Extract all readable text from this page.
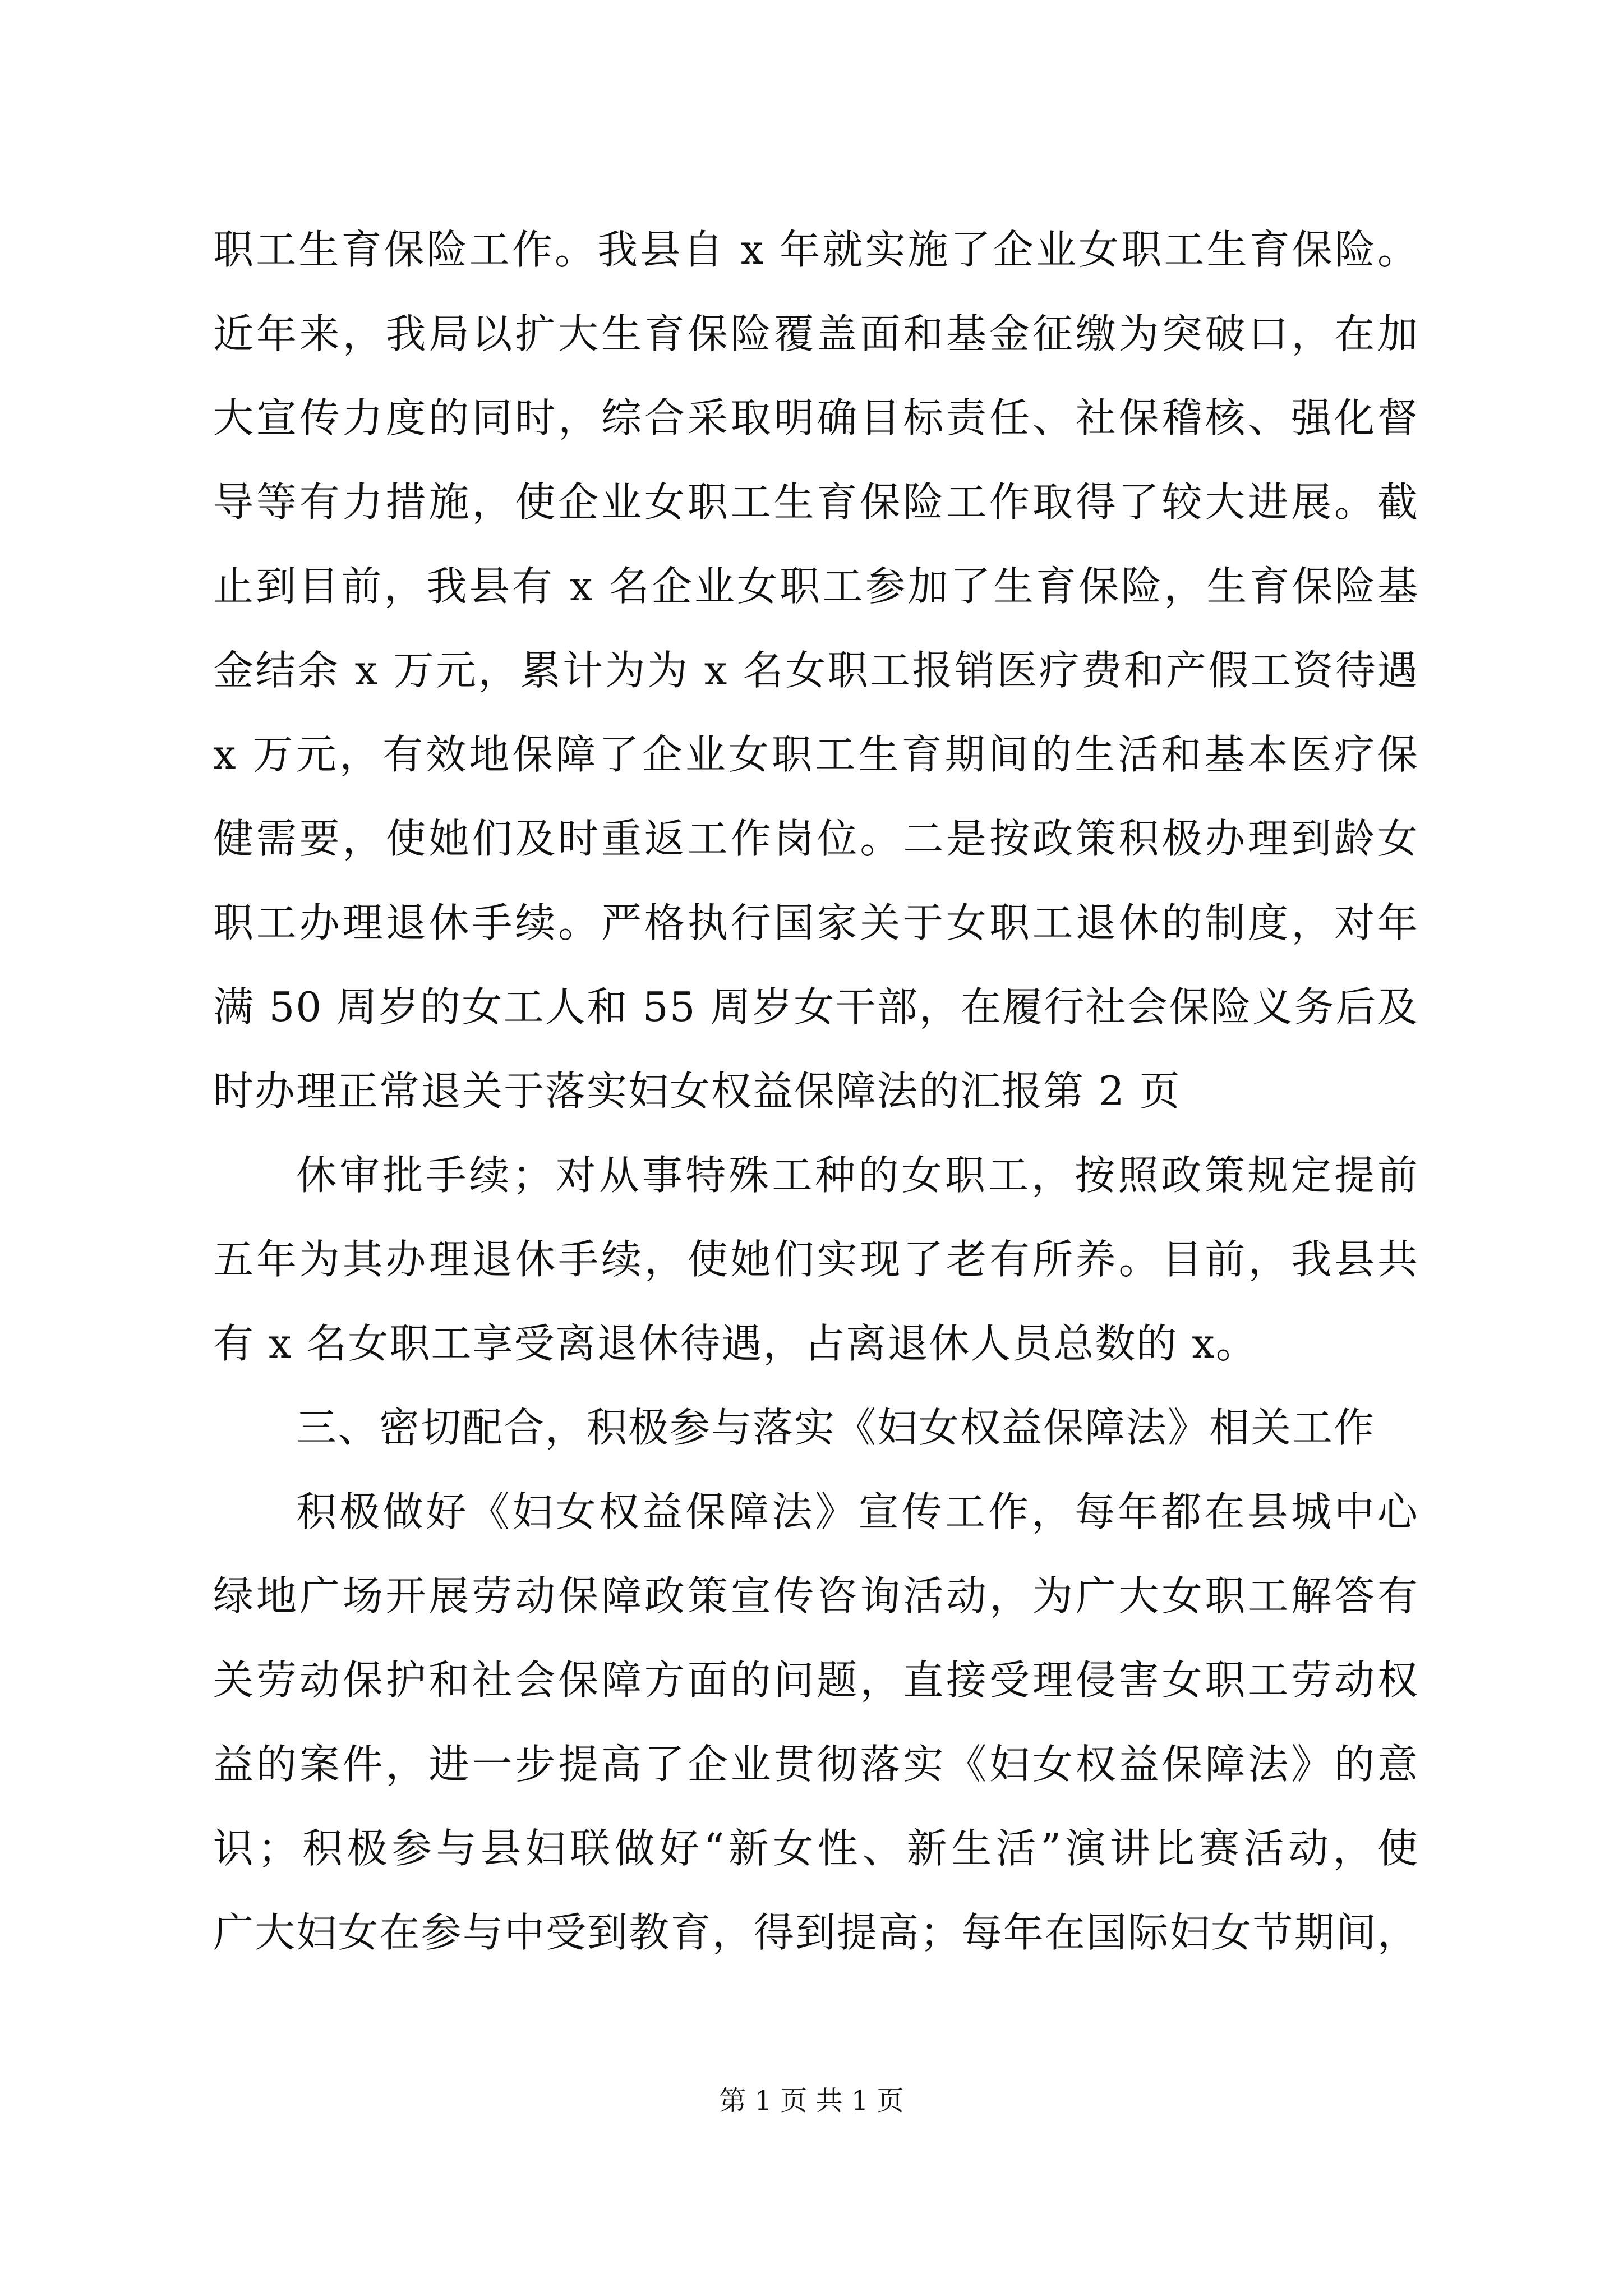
职工生育保险工作。我县自 x 年就实施了企业女职工生育保险。
近年来，我局以扩大生育保险覆盖面和基金征缴为突破口，在加
大宣传力度的同时，综合采取明确目标责任、社保稽核、强化督
导等有力措施，使企业女职工生育保险工作取得了较大进展。截
止到目前，我县有 x 名企业女职工参加了生育保险，生育保险基
金结余 x 万元，累计为为 x 名女职工报销医疗费和产假工资待遇
x 万元，有效地保障了企业女职工生育期间的生活和基本医疗保
健需要，使她们及时重返工作岗位。二是按政策积极办理到龄女
职工办理退休手续。严格执行国家关于女职工退休的制度，对年
满 50 周岁的女工人和 55 周岁女干部，在履行社会保险义务后及
时办理正常退关于落实妇女权益保障法的汇报第 2 页
休审批手续；对从事特殊工种的女职工，按照政策规定提前
五年为其办理退休手续，使她们实现了老有所养。目前，我县共
有 x 名女职工享受离退休待遇，占离退休人员总数的 x。
三、密切配合，积极参与落实《妇女权益保障法》相关工作
积极做好《妇女权益保障法》宣传工作，每年都在县城中心
绿地广场开展劳动保障政策宣传咨询活动，为广大女职工解答有
关劳动保护和社会保障方面的问题，直接受理侵害女职工劳动权
益的案件，进一步提高了企业贯彻落实《妇女权益保障法》的意
识；积极参与县妇联做好“新女性、新生活”演讲比赛活动，使
广大妇女在参与中受到教育，得到提高；每年在国际妇女节期间，
第 1 页 共 1 页
